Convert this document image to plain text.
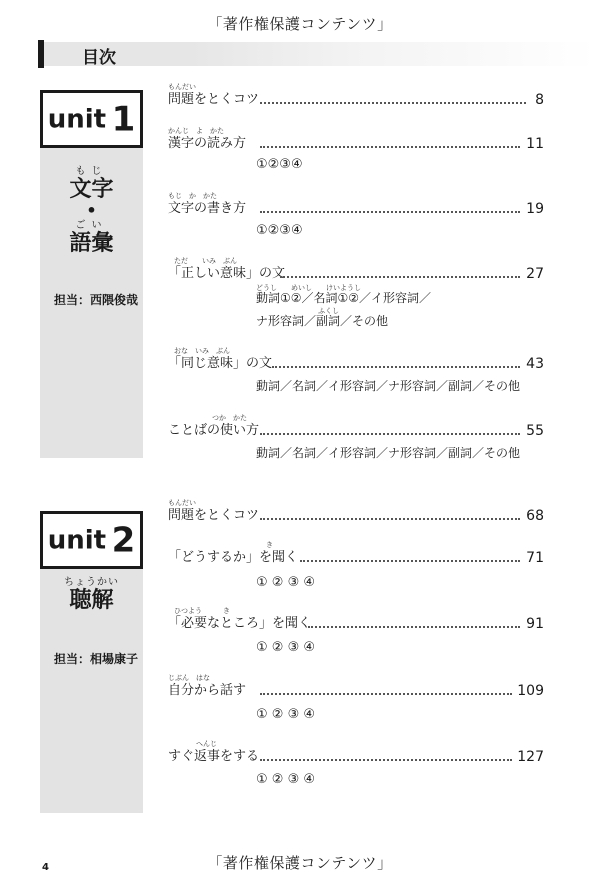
「著作権保護コンテンツ」
目次
unit 1
もじ
文字
•
ごい
語彙
担当：西隈俊哉
もんだい
問題をとくコツ	8
かんじ　よ　かた
漢字の読み方	11
①②③④
もじ　か　かた
文字の書き方	19
①②③④
ただ　　いみ　ぶん
「正しい意味」の文	27
どうし　　めいし　　けいようし
動詞①②／名詞①②／イ形容詞／
ふくし
ナ形容詞／副詞／その他
おな　いみ　ぶん
「同じ意味」の文	43
動詞／名詞／イ形容詞／ナ形容詞／副詞／その他
つか　かた
ことばの使い方	55
動詞／名詞／イ形容詞／ナ形容詞／副詞／その他
unit 2
ちょうかい
聴解
担当：相場康子
もんだい
問題をとくコツ	68
き
「どうするか」を聞く	71
① ② ③ ④
ひつよう　　　き
「必要なところ」を聞く	91
① ② ③ ④
じぶん　はな
自分から話す	109
① ② ③ ④
へんじ
すぐ返事をする	127
① ② ③ ④
4	「著作権保護コンテンツ」
